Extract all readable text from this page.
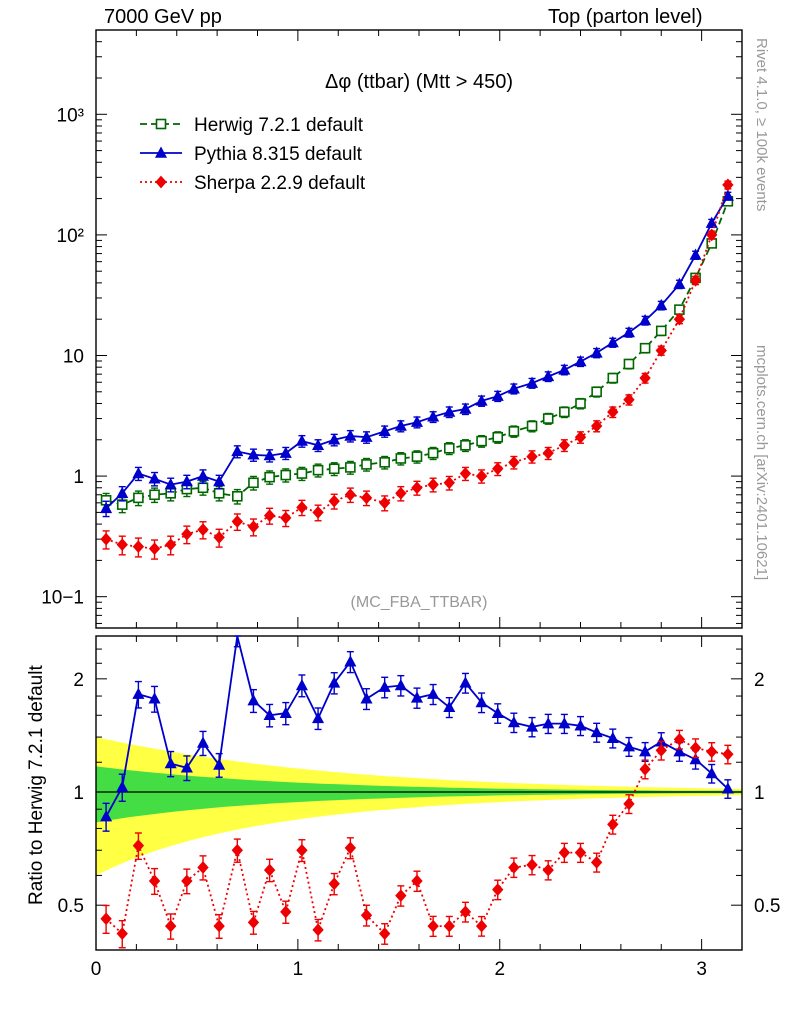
7000 GeV pp	Top (parton level)
Rivet 4.1.0, ≥ 100k events
mcplots.cern.ch [arXiv:2401.10621]
Ratio to Herwig 7.2.1 default
10−1
1
10
10²
10³
0.5	0.5
1	1
2	2
0	1	2	3
Δφ (ttbar) (Mtt > 450)
(MC_FBA_TTBAR)
Herwig 7.2.1 default
Pythia 8.315 default
Sherpa 2.2.9 default
